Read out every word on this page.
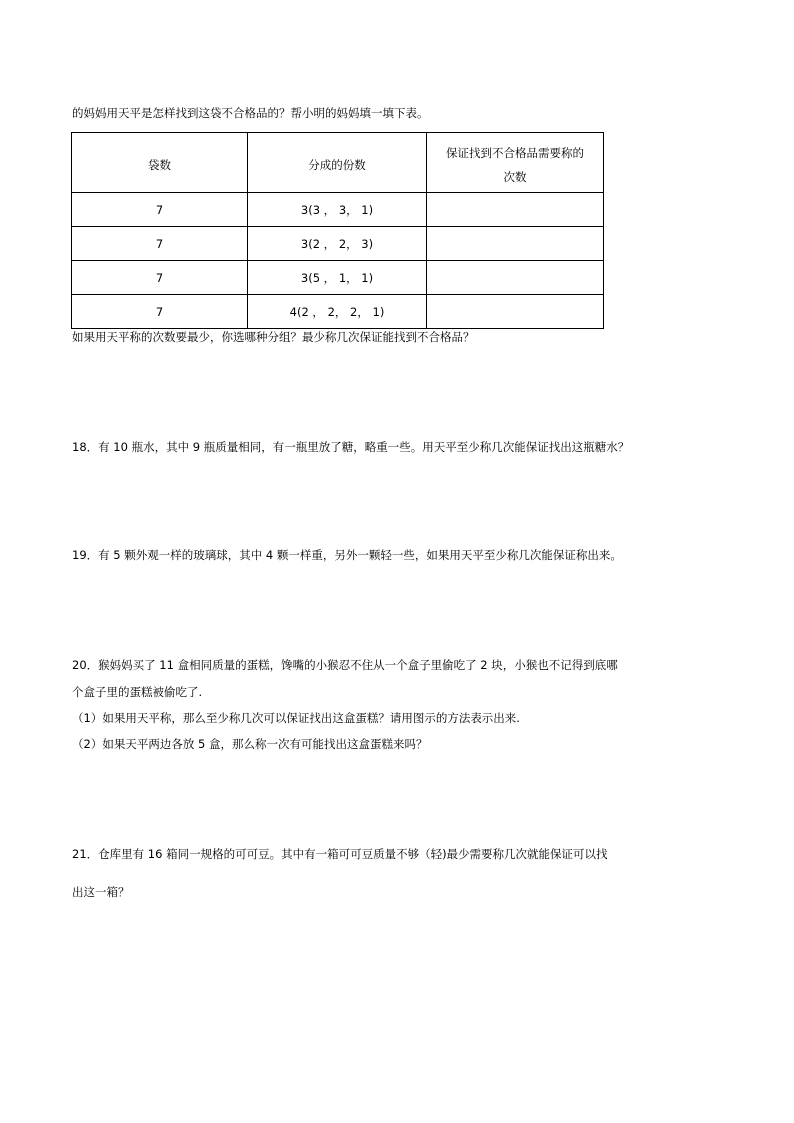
的妈妈用天平是怎样找到这袋不合格品的？帮小明的妈妈填一填下表。
袋数	分成的份数	保证找到不合格品需要称的
次数

7	3(3 ， 3， 1)	
7	3(2 ， 2， 3)	
7	3(5 ， 1， 1)	
7	4(2 ， 2， 2， 1)	
如果用天平称的次数要最少，你选哪种分组？最少称几次保证能找到不合格品？
18．有 10 瓶水，其中 9 瓶质量相同，有一瓶里放了糖，略重一些。用天平至少称几次能保证找出这瓶糖水？
19．有 5 颗外观一样的玻璃球，其中 4 颗一样重，另外一颗轻一些，如果用天平至少称几次能保证称出来。
20．猴妈妈买了 11 盒相同质量的蛋糕，馋嘴的小猴忍不住从一个盒子里偷吃了 2 块，小猴也不记得到底哪
个盒子里的蛋糕被偷吃了.
（1）如果用天平称，那么至少称几次可以保证找出这盒蛋糕？请用图示的方法表示出来.
（2）如果天平两边各放 5 盒，那么称一次有可能找出这盒蛋糕来吗？
21．仓库里有 16 箱同一规格的可可豆。其中有一箱可可豆质量不够（轻)最少需要称几次就能保证可以找
出这一箱？
